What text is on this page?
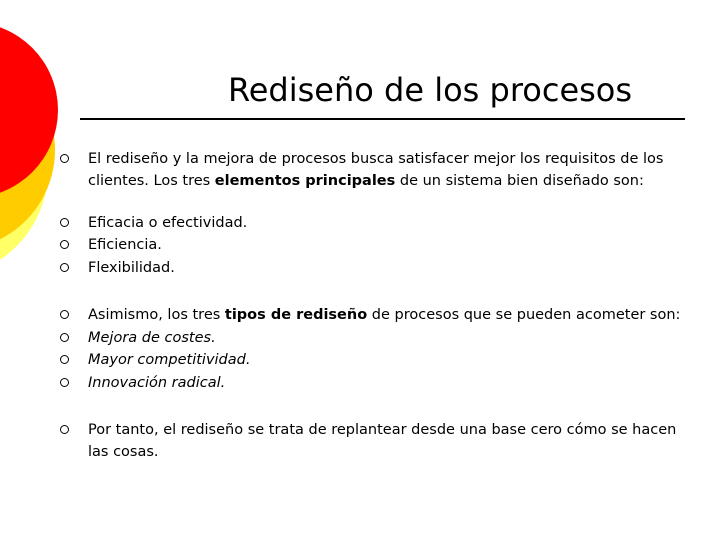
Rediseño de los procesos
El rediseño y la mejora de procesos busca satisfacer mejor los requisitos de los clientes. Los tres elementos principales de un sistema bien diseñado son:
Eficacia o efectividad.
Eficiencia.
Flexibilidad.
Asimismo, los tres tipos de rediseño de procesos que se pueden acometer son:
Mejora de costes.
Mayor competitividad.
Innovación radical.
Por tanto, el rediseño se trata de replantear desde una base cero cómo se hacen las cosas.
